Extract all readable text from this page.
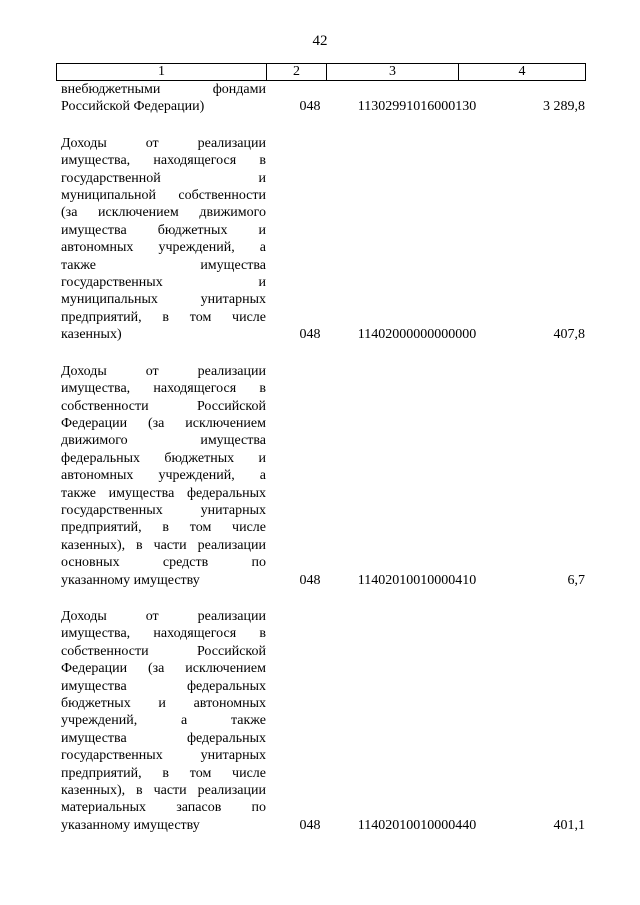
42
1	2	3	4
внебюджетными фондами
Российской Федерации)	048	11302991016000130	3 289,8
Доходы от реализации
имущества, находящегося в
государственной и
муниципальной собственности
(за исключением движимого
имущества бюджетных и
автономных учреждений, а
также имущества
государственных и
муниципальных унитарных
предприятий, в том числе
казенных)	048	11402000000000000	407,8
Доходы от реализации
имущества, находящегося в
собственности Российской
Федерации (за исключением
движимого имущества
федеральных бюджетных и
автономных учреждений, а
также имущества федеральных
государственных унитарных
предприятий, в том числе
казенных), в части реализации
основных средств по
указанному имуществу	048	11402010010000410	6,7
Доходы от реализации
имущества, находящегося в
собственности Российской
Федерации (за исключением
имущества федеральных
бюджетных и автономных
учреждений, а также
имущества федеральных
государственных унитарных
предприятий, в том числе
казенных), в части реализации
материальных запасов по
указанному имуществу	048	11402010010000440	401,1
